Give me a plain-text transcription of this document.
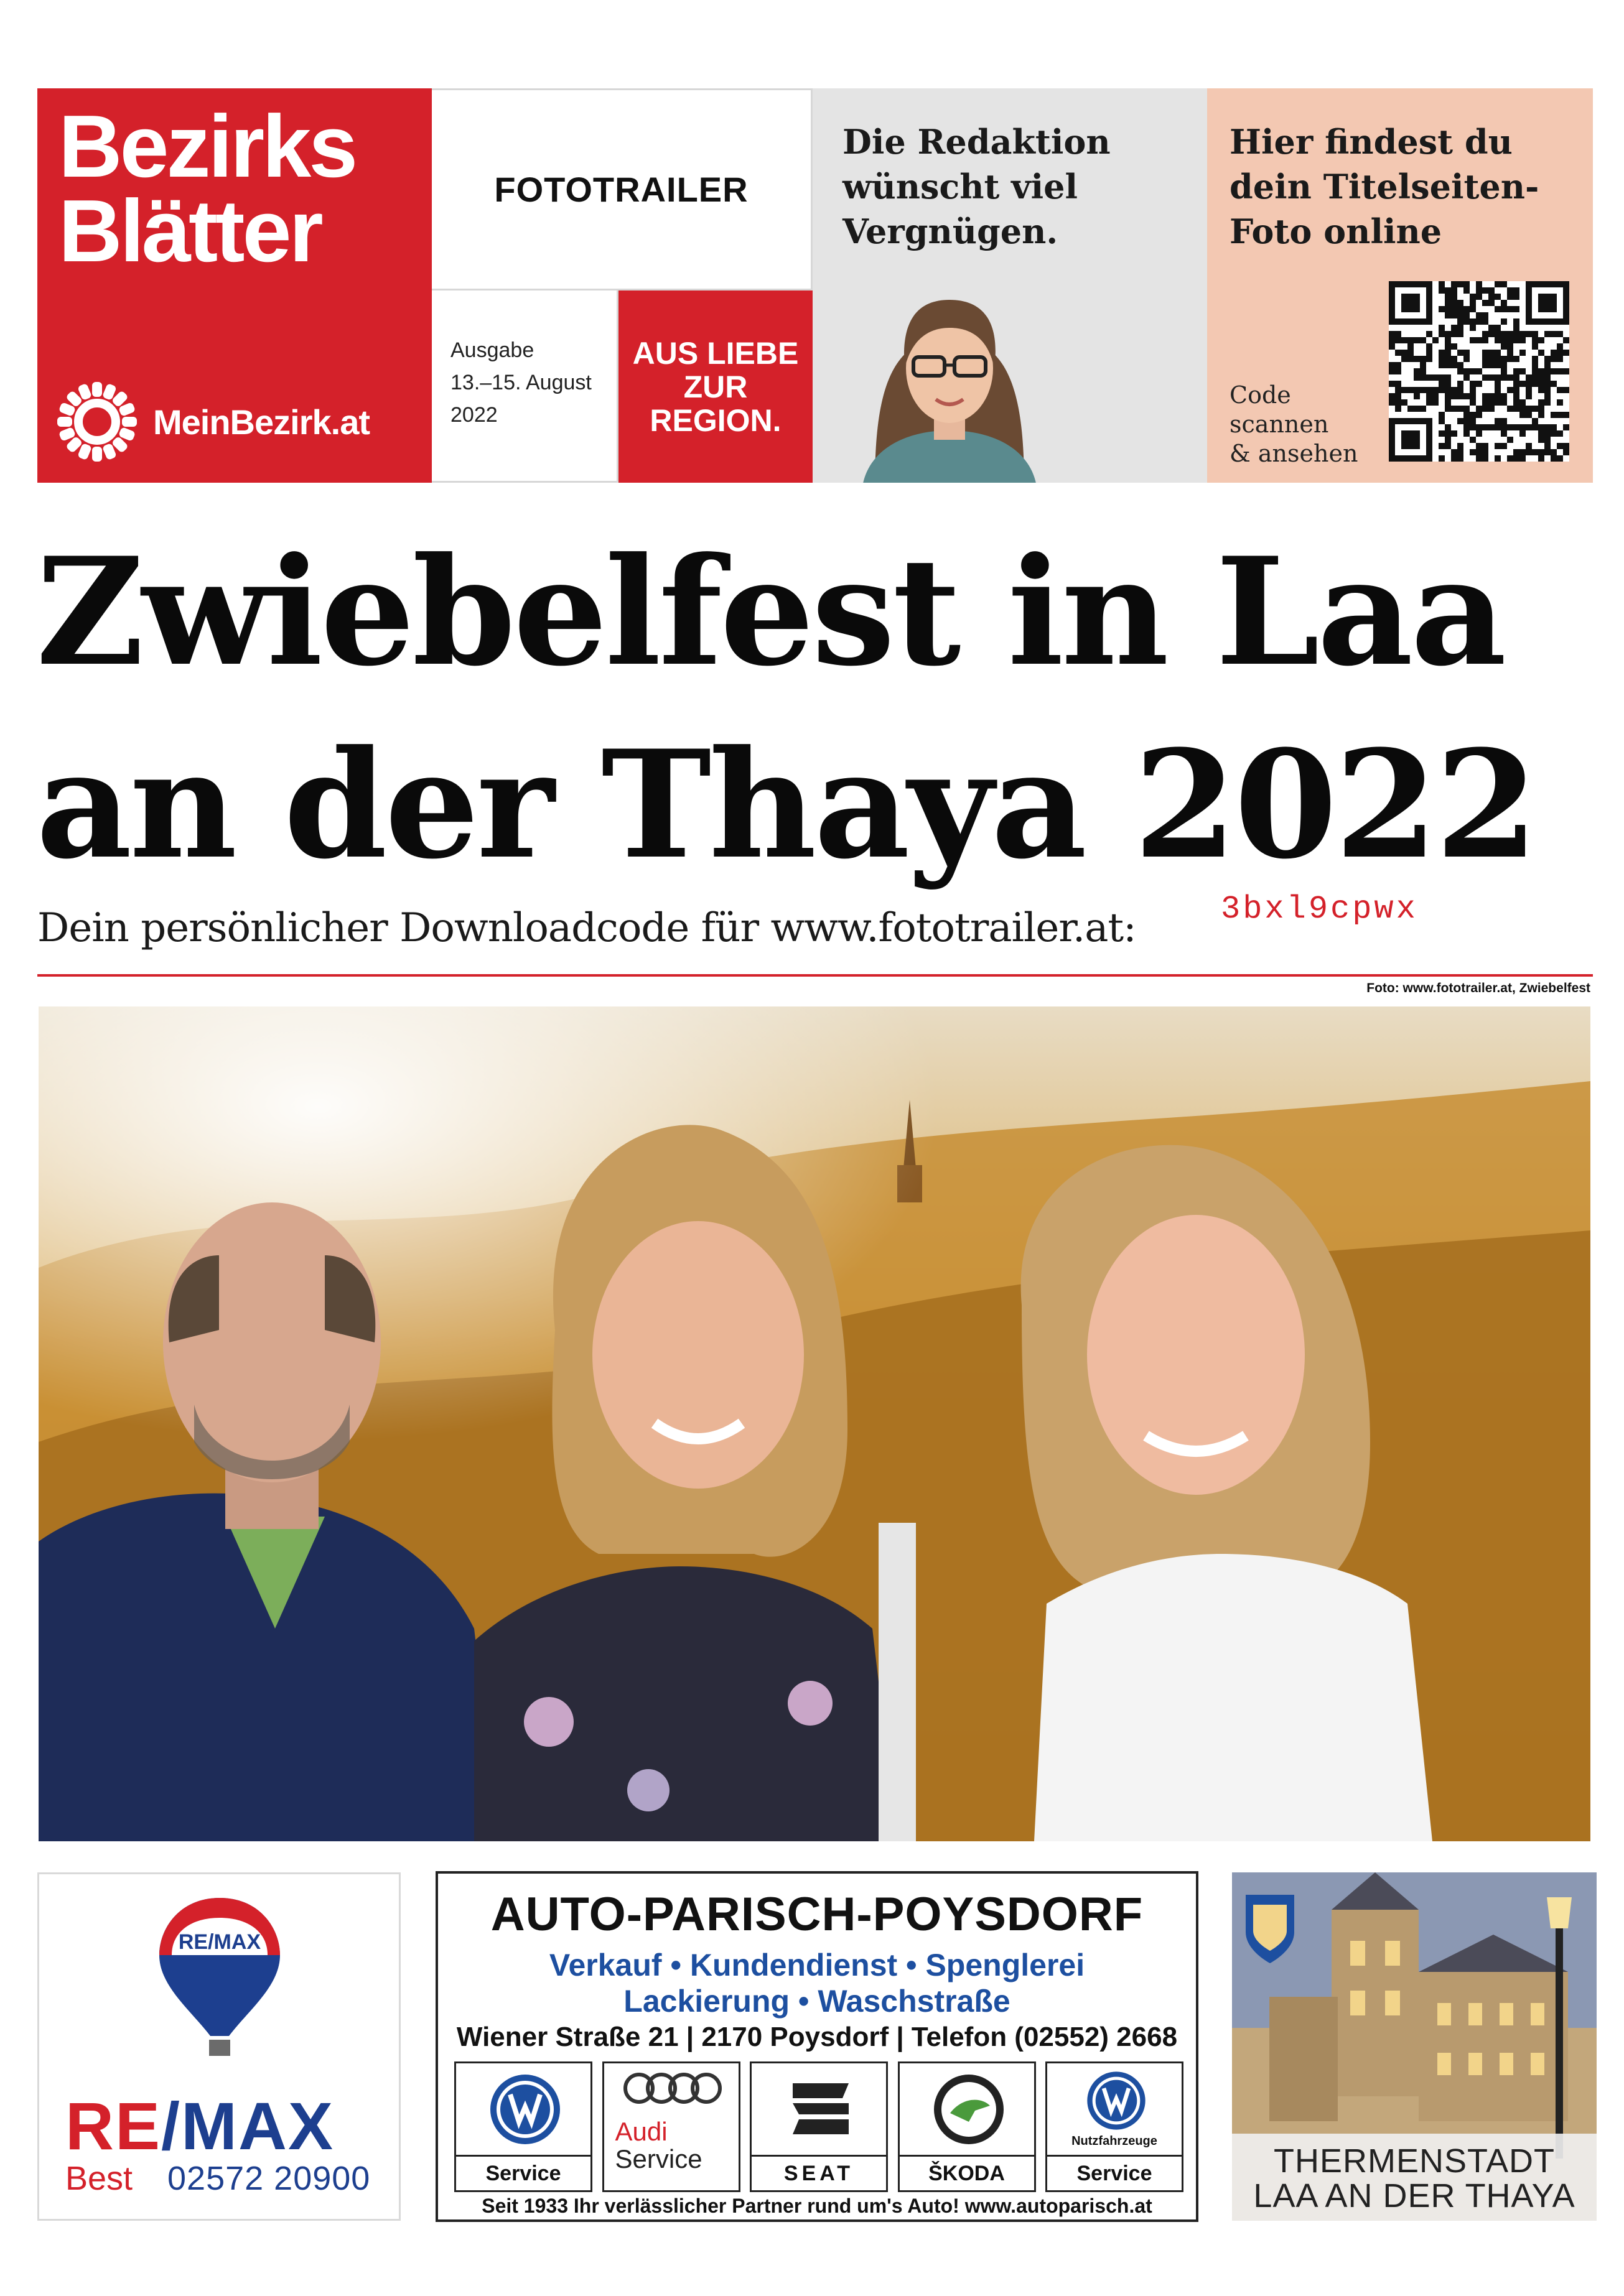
Bezirks
Blätter
MeinBezirk.at
FOTOTRAILER
Ausgabe
13.–15. August
2022
AUS LIEBE
ZUR
REGION.
Die Redaktion
wünscht viel
Vergnügen.
Hier findest du
dein Titelseiten-
Foto online
Code
scannen
& ansehen
Zwiebelfest in Laa
an der Thaya 2022
Dein persönlicher Downloadcode für www.fototrailer.at:	3bxl9cpwx
Foto: www.fototrailer.at, Zwiebelfest
RE/MAX
RE/MAX
Best 02572 20900
AUTO-PARISCH-POYSDORF
Verkauf • Kundendienst • Spenglerei
Lackierung • Waschstraße
Wiener Straße 21 | 2170 Poysdorf | Telefon (02552) 2668
Service
Audi
Service	SEAT	ŠKODA
Nutzfahrzeuge
Service
Seit 1933 Ihr verlässlicher Partner rund um's Auto! www.autoparisch.at
THERMENSTADT
LAA AN DER THAYA
